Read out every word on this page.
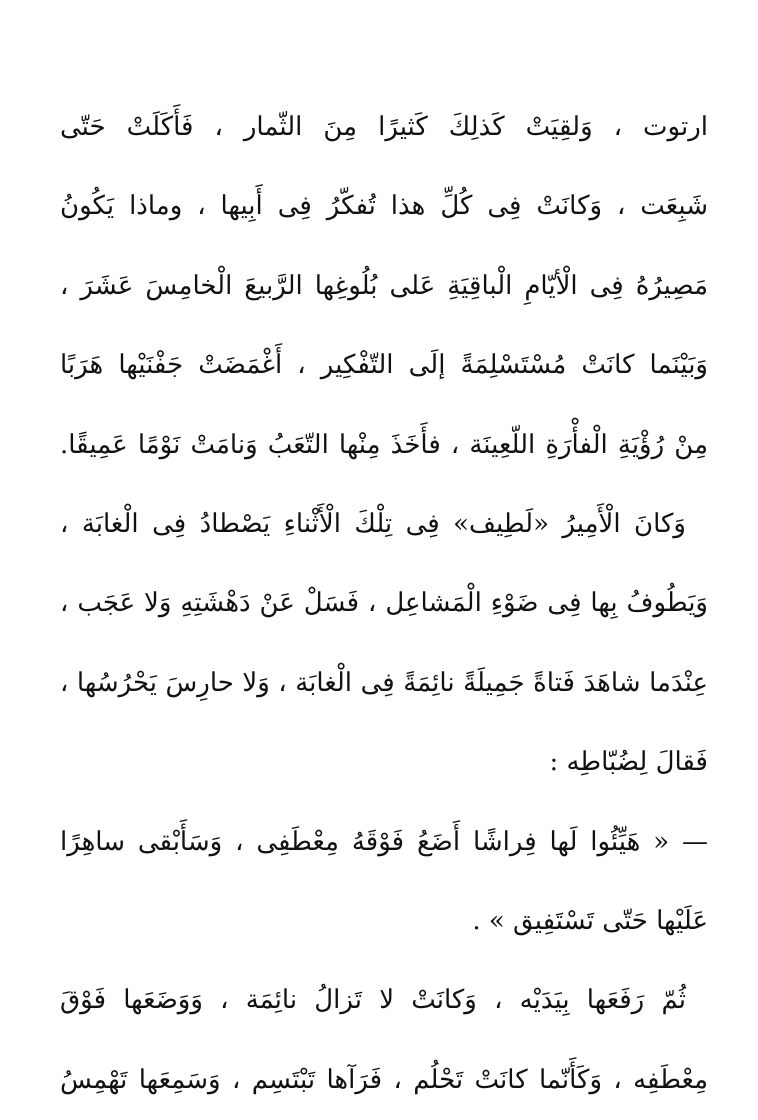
ارتوت ، وَلقِيَتْ كَذلِكَ كَثيرًا مِنَ الثّمار ، فَأَكَلَتْ حَتّى
شَبِعَت ، وَكانَتْ فِى كُلِّ هذا تُفكّرُ فِى أَبِيها ، وماذا يَكُونُ
مَصِيرُهُ فِى الْأيّامِ الْباقِيَةِ عَلى بُلُوغِها الرَّبيعَ الْخامِسَ عَشَرَ ،
وَبَيْنَما كانَتْ مُسْتَسْلِمَةً إلَى التّفْكِير ، أَغْمَضَتْ جَفْنَيْها هَرَبًا
مِنْ رُؤْيَةِ الْفأْرَةِ اللّعِينَة ، فأَخَذَ مِنْها التّعَبُ وَنامَتْ نَوْمًا عَمِيقًا.
وَكانَ الْأَمِيرُ «لَطِيف» فِى تِلْكَ الْأَثْناءِ يَصْطادُ فِى الْغابَة ،
وَيَطُوفُ بِها فِى ضَوْءِ الْمَشاعِل ، فَسَلْ عَنْ دَهْشَتِهِ وَلا عَجَب ،
عِنْدَما شاهَدَ فَتاةً جَمِيلَةً نائِمَةً فِى الْغابَة ، وَلا حارِسَ يَحْرُسُها ،
فَقالَ لِضُبّاطِه :
— « هَيِّئُوا لَها فِراشًا أَضَعُ فَوْقَهُ مِعْطَفِى ، وَسَأَبْقى ساهِرًا
عَلَيْها حَتّى تَسْتَفِيق » .
ثُمّ رَفَعَها بِيَدَيْه ، وَكانَتْ لا تَزالُ نائِمَة ، وَوَضَعَها فَوْقَ
مِعْطَفِه ، وَكَأَنّما كانَتْ تَحْلُم ، فَرَآها تَبْتَسِم ، وَسَمِعَها تَهْمِسُ
